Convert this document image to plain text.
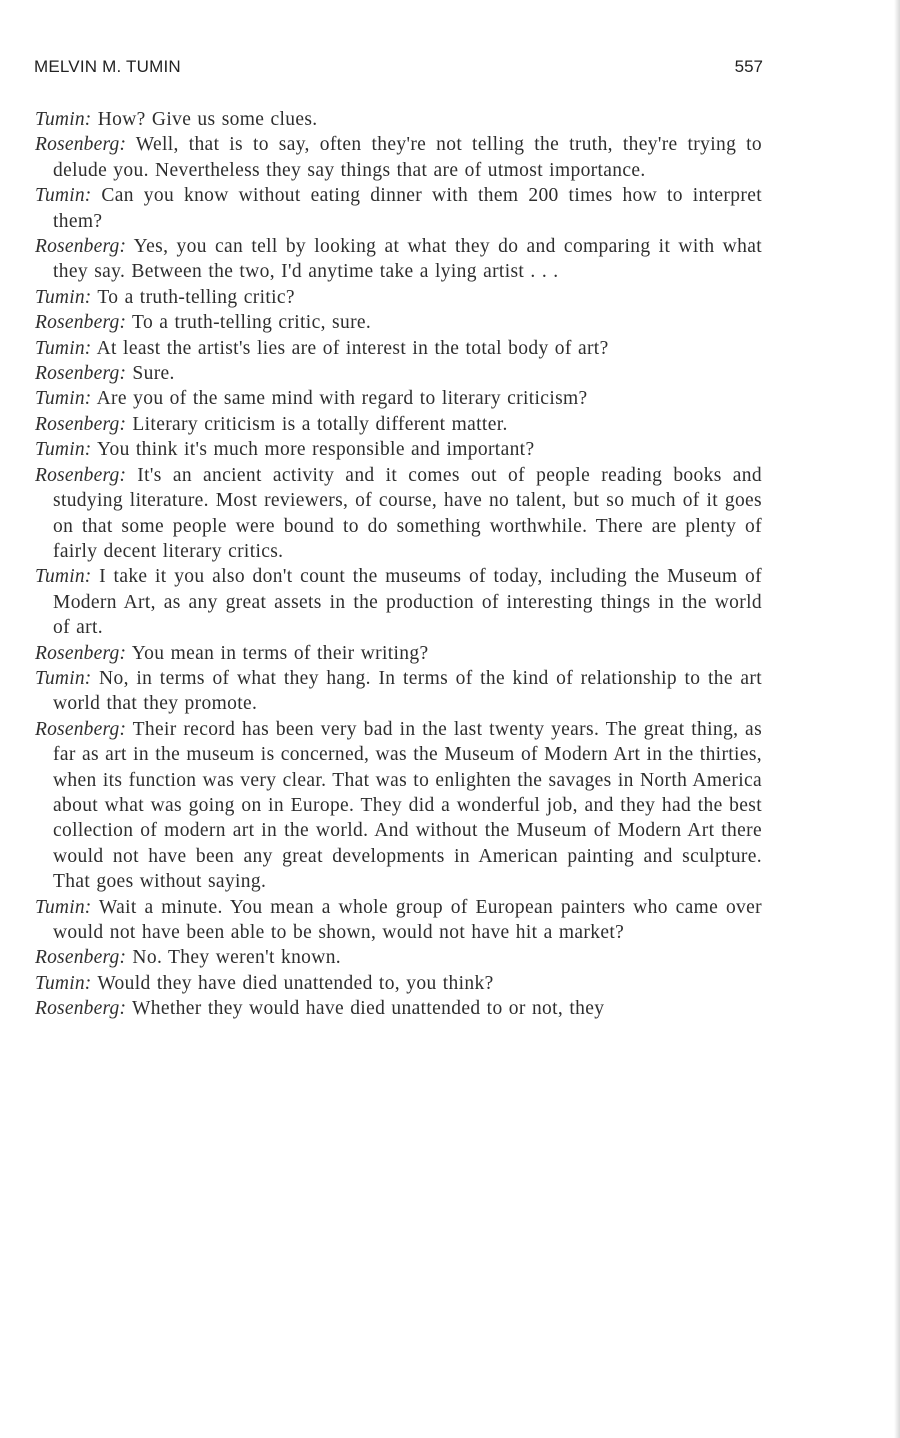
MELVIN M. TUMIN	557

Tumin: How? Give us some clues.

Rosenberg: Well, that is to say, often they're not telling the truth, they're trying to delude you. Nevertheless they say things that are of utmost importance.

Tumin: Can you know without eating dinner with them 200 times how to interpret them?

Rosenberg: Yes, you can tell by looking at what they do and comparing it with what they say. Between the two, I'd anytime take a lying artist . . .

Tumin: To a truth-telling critic?

Rosenberg: To a truth-telling critic, sure.

Tumin: At least the artist's lies are of interest in the total body of art?

Rosenberg: Sure.

Tumin: Are you of the same mind with regard to literary criticism?

Rosenberg: Literary criticism is a totally different matter.

Tumin: You think it's much more responsible and important?

Rosenberg: It's an ancient activity and it comes out of people reading books and studying literature. Most reviewers, of course, have no talent, but so much of it goes on that some people were bound to do something worthwhile. There are plenty of fairly decent literary critics.

Tumin: I take it you also don't count the museums of today, including the Museum of Modern Art, as any great assets in the production of interesting things in the world of art.

Rosenberg: You mean in terms of their writing?

Tumin: No, in terms of what they hang. In terms of the kind of relationship to the art world that they promote.

Rosenberg: Their record has been very bad in the last twenty years. The great thing, as far as art in the museum is concerned, was the Museum of Modern Art in the thirties, when its function was very clear. That was to enlighten the savages in North America about what was going on in Europe. They did a wonderful job, and they had the best collection of modern art in the world. And without the Museum of Modern Art there would not have been any great developments in American painting and sculpture. That goes without saying.

Tumin: Wait a minute. You mean a whole group of European painters who came over would not have been able to be shown, would not have hit a market?

Rosenberg: No. They weren't known.

Tumin: Would they have died unattended to, you think?

Rosenberg: Whether they would have died unattended to or not, they
